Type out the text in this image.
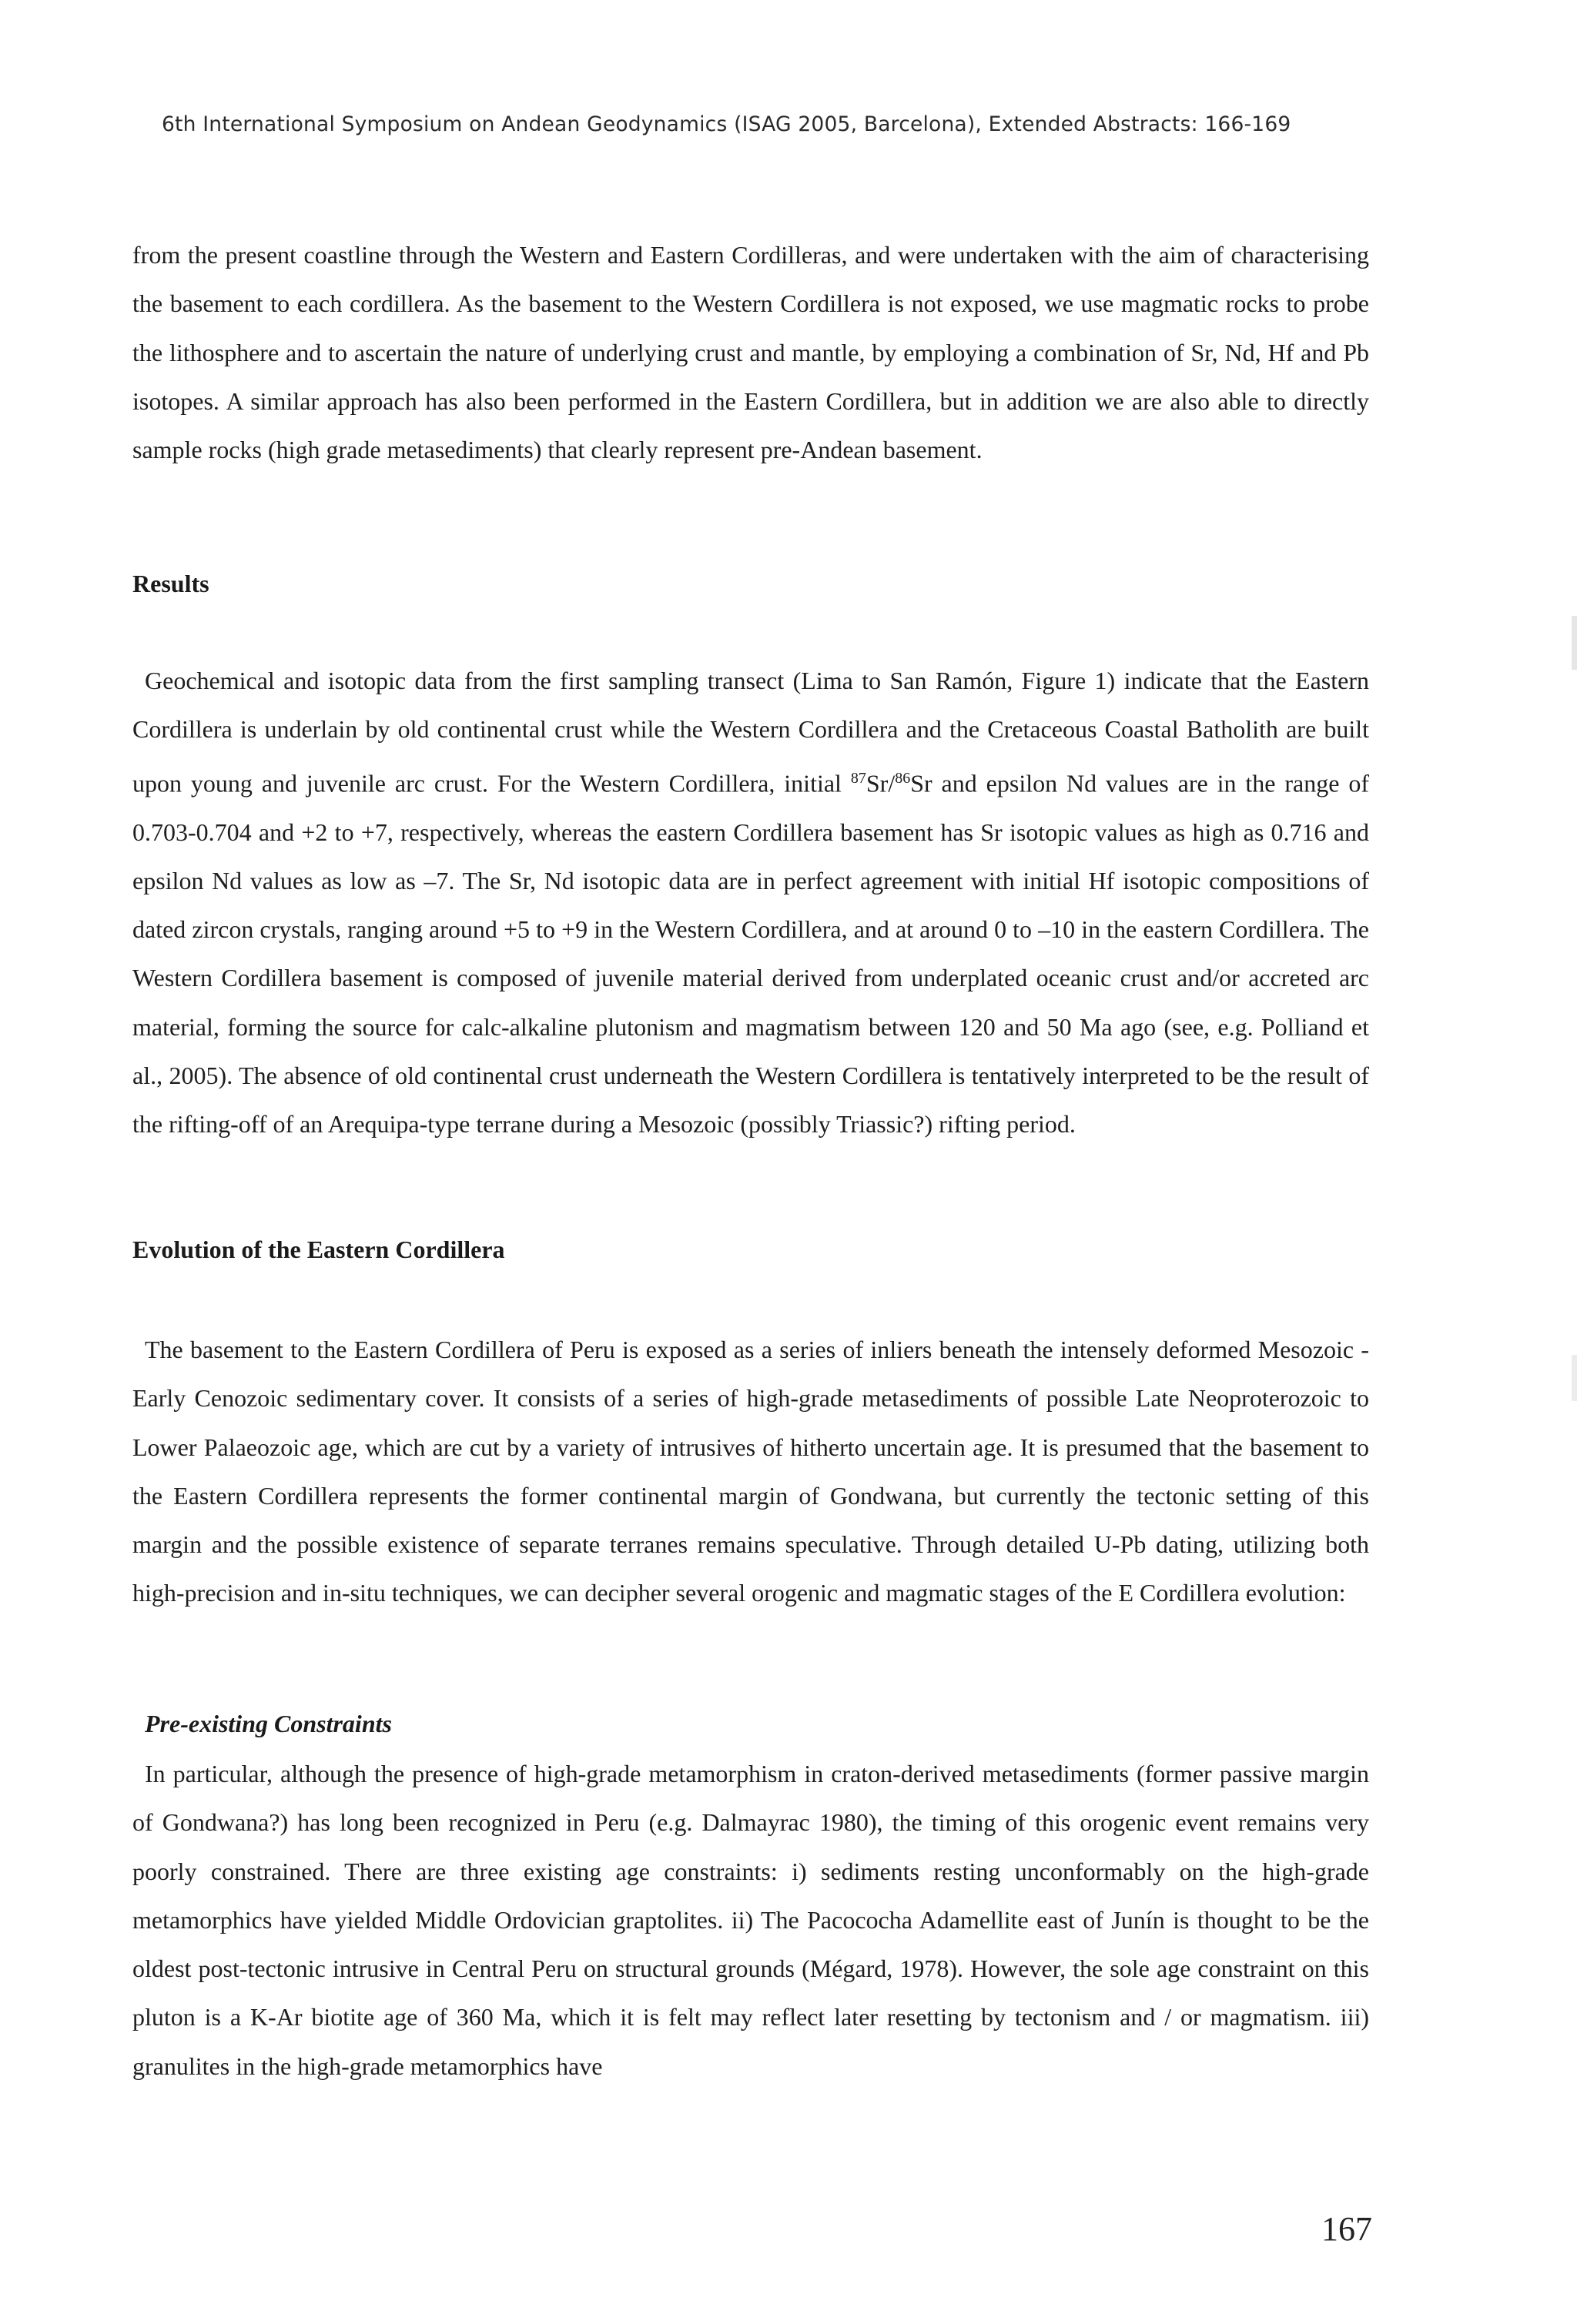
6th International Symposium on Andean Geodynamics (ISAG 2005, Barcelona), Extended Abstracts: 166-169

from the present coastline through the Western and Eastern Cordilleras, and were undertaken with the aim of characterising the basement to each cordillera. As the basement to the Western Cordillera is not exposed, we use magmatic rocks to probe the lithosphere and to ascertain the nature of underlying crust and mantle, by employing a combination of Sr, Nd, Hf and Pb isotopes. A similar approach has also been performed in the Eastern Cordillera, but in addition we are also able to directly sample rocks (high grade metasediments) that clearly represent pre-Andean basement.

Results

Geochemical and isotopic data from the first sampling transect (Lima to San Ramón, Figure 1) indicate that the Eastern Cordillera is underlain by old continental crust while the Western Cordillera and the Cretaceous Coastal Batholith are built upon young and juvenile arc crust. For the Western Cordillera, initial $^{87}$Sr/$^{86}$Sr and epsilon Nd values are in the range of 0.703-0.704 and +2 to +7, respectively, whereas the eastern Cordillera basement has Sr isotopic values as high as 0.716 and epsilon Nd values as low as –7. The Sr, Nd isotopic data are in perfect agreement with initial Hf isotopic compositions of dated zircon crystals, ranging around +5 to +9 in the Western Cordillera, and at around 0 to –10 in the eastern Cordillera. The Western Cordillera basement is composed of juvenile material derived from underplated oceanic crust and/or accreted arc material, forming the source for calc-alkaline plutonism and magmatism between 120 and 50 Ma ago (see, e.g. Polliand et al., 2005). The absence of old continental crust underneath the Western Cordillera is tentatively interpreted to be the result of the rifting-off of an Arequipa-type terrane during a Mesozoic (possibly Triassic?) rifting period.

Evolution of the Eastern Cordillera

The basement to the Eastern Cordillera of Peru is exposed as a series of inliers beneath the intensely deformed Mesozoic - Early Cenozoic sedimentary cover. It consists of a series of high-grade metasediments of possible Late Neoproterozoic to Lower Palaeozoic age, which are cut by a variety of intrusives of hitherto uncertain age. It is presumed that the basement to the Eastern Cordillera represents the former continental margin of Gondwana, but currently the tectonic setting of this margin and the possible existence of separate terranes remains speculative. Through detailed U-Pb dating, utilizing both high-precision and in-situ techniques, we can decipher several orogenic and magmatic stages of the E Cordillera evolution:

Pre-existing Constraints

In particular, although the presence of high-grade metamorphism in craton-derived metasediments (former passive margin of Gondwana?) has long been recognized in Peru (e.g. Dalmayrac 1980), the timing of this orogenic event remains very poorly constrained. There are three existing age constraints: i) sediments resting unconformably on the high-grade metamorphics have yielded Middle Ordovician graptolites. ii) The Pacococha Adamellite east of Junín is thought to be the oldest post-tectonic intrusive in Central Peru on structural grounds (Mégard, 1978). However, the sole age constraint on this pluton is a K-Ar biotite age of 360 Ma, which it is felt may reflect later resetting by tectonism and / or magmatism. iii) granulites in the high-grade metamorphics have

167
